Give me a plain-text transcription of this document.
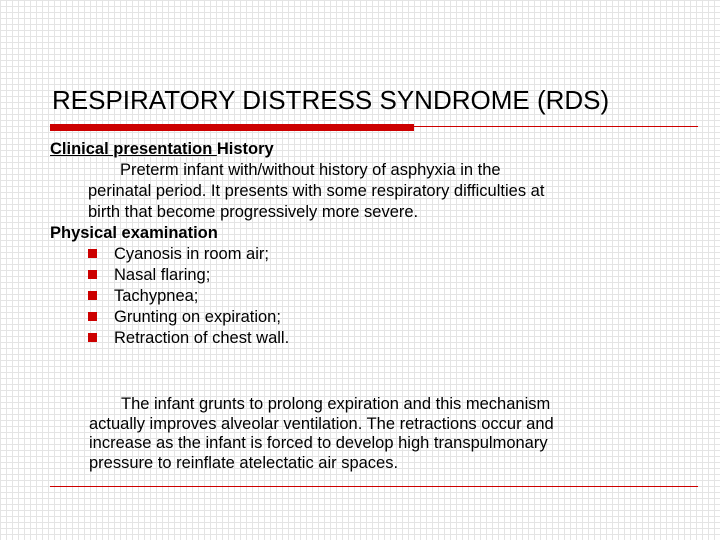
RESPIRATORY DISTRESS SYNDROME (RDS)
Clinical presentation History
Preterm infant with/without history of asphyxia in the
perinatal period. It presents with some respiratory difficulties at
birth that become progressively more severe.
Physical examination
Cyanosis in room air;
Nasal flaring;
Tachypnea;
Grunting on expiration;
Retraction of chest wall.
The infant grunts to prolong expiration and this mechanism
actually improves alveolar ventilation. The retractions occur and
increase as the infant is forced to develop high transpulmonary
pressure to reinflate atelectatic air spaces.
